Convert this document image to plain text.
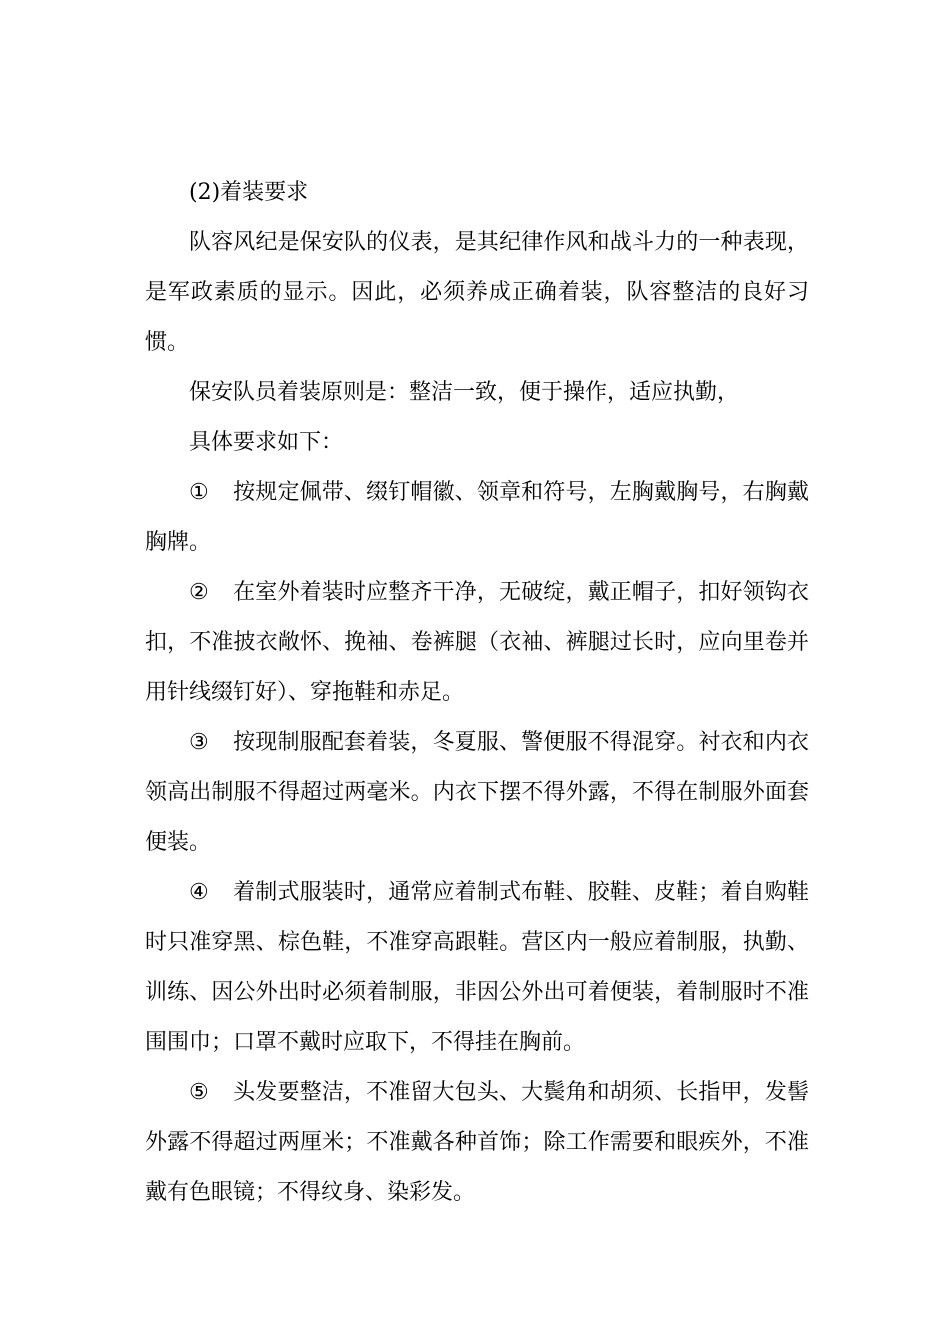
(2)着装要求

队容风纪是保安队的仪表，是其纪律作风和战斗力的一种表现，是军政素质的显示。因此，必须养成正确着装，队容整洁的良好习惯。

保安队员着装原则是：整洁一致，便于操作，适应执勤，

具体要求如下：

① 按规定佩带、缀钉帽徽、领章和符号，左胸戴胸号，右胸戴胸牌。

② 在室外着装时应整齐干净，无破绽，戴正帽子，扣好领钩衣扣，不准披衣敞怀、挽袖、卷裤腿（衣袖、裤腿过长时，应向里卷并用针线缀钉好）、穿拖鞋和赤足。

③ 按现制服配套着装，冬夏服、警便服不得混穿。衬衣和内衣领高出制服不得超过两毫米。内衣下摆不得外露，不得在制服外面套便装。

④ 着制式服装时，通常应着制式布鞋、胶鞋、皮鞋；着自购鞋时只准穿黑、棕色鞋，不准穿高跟鞋。营区内一般应着制服，执勤、训练、因公外出时必须着制服，非因公外出可着便装，着制服时不准围围巾；口罩不戴时应取下，不得挂在胸前。

⑤ 头发要整洁，不准留大包头、大鬓角和胡须、长指甲，发髻外露不得超过两厘米；不准戴各种首饰；除工作需要和眼疾外，不准戴有色眼镜；不得纹身、染彩发。
